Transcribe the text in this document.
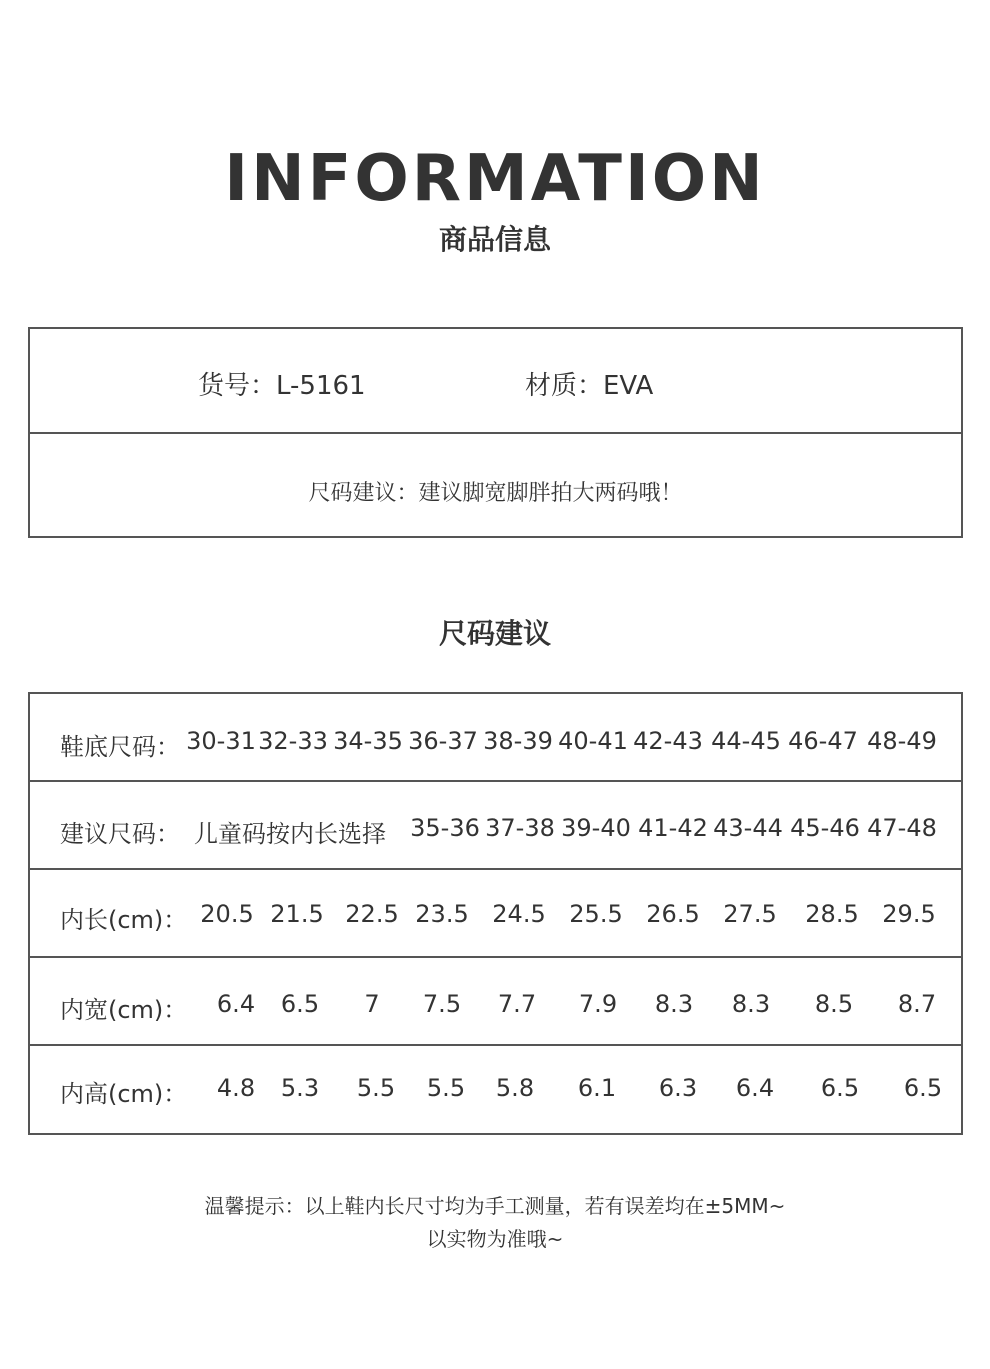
INFORMATION
商品信息
货号：L-5161	材质：EVA
尺码建议：建议脚宽脚胖拍大两码哦！
尺码建议
鞋底尺码： 30-31 32-33 34-35 36-37 38-39 40-41 42-43 44-45 46-47 48-49
建议尺码： 儿童码按内长选择 35-36 37-38 39-40 41-42 43-44 45-46 47-48
内长(cm)： 20.5 21.5 22.5 23.5 24.5 25.5 26.5 27.5 28.5 29.5
内宽(cm)： 6.4 6.5 7 7.5 7.7 7.9 8.3 8.3 8.5 8.7
内高(cm)： 4.8 5.3 5.5 5.5 5.8 6.1 6.3 6.4 6.5 6.5
温馨提示：以上鞋内长尺寸均为手工测量，若有误差均在±5MM~
以实物为准哦~
